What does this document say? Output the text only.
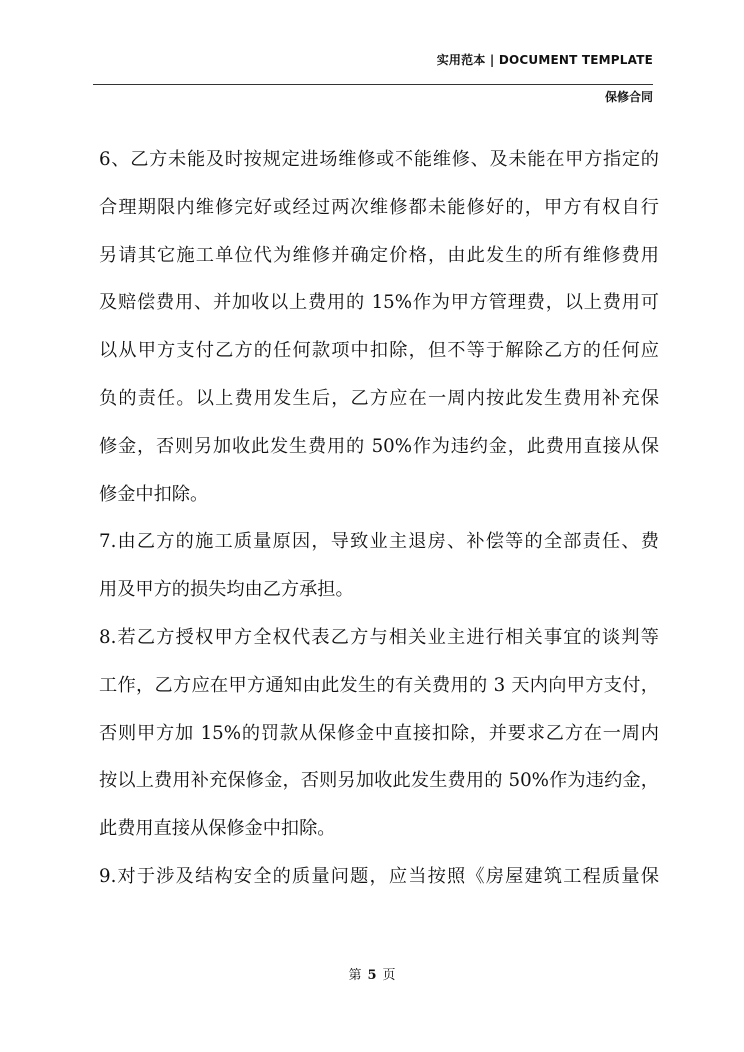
实用范本 | DOCUMENT TEMPLATE
保修合同
6、乙方未能及时按规定进场维修或不能维修、及未能在甲方指定的
合理期限内维修完好或经过两次维修都未能修好的，甲方有权自行
另请其它施工单位代为维修并确定价格，由此发生的所有维修费用
及赔偿费用、并加收以上费用的 15%作为甲方管理费，以上费用可
以从甲方支付乙方的任何款项中扣除，但不等于解除乙方的任何应
负的责任。以上费用发生后，乙方应在一周内按此发生费用补充保
修金，否则另加收此发生费用的 50%作为违约金，此费用直接从保
修金中扣除。
7.由乙方的施工质量原因，导致业主退房、补偿等的全部责任、费
用及甲方的损失均由乙方承担。
8.若乙方授权甲方全权代表乙方与相关业主进行相关事宜的谈判等
工作，乙方应在甲方通知由此发生的有关费用的 3 天内向甲方支付，
否则甲方加 15%的罚款从保修金中直接扣除，并要求乙方在一周内
按以上费用补充保修金，否则另加收此发生费用的 50%作为违约金，
此费用直接从保修金中扣除。
9.对于涉及结构安全的质量问题，应当按照《房屋建筑工程质量保
第 5 页
